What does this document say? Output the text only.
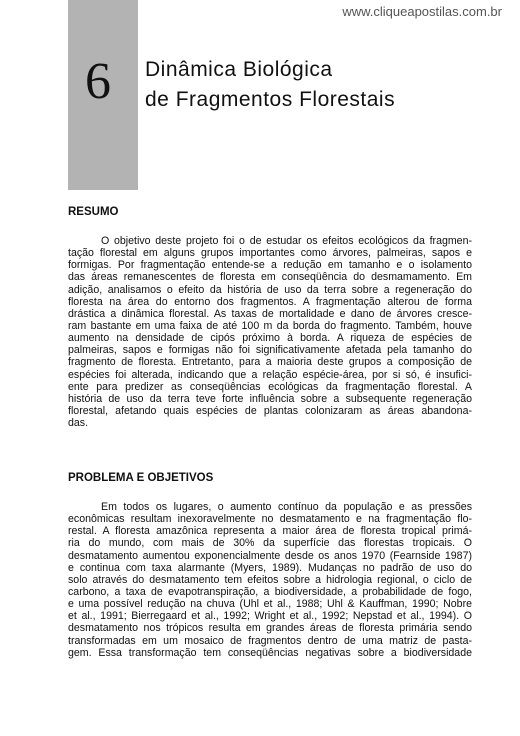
www.cliqueapostilas.com.br
6 Dinâmica Biológica
de Fragmentos Florestais
RESUMO
O objetivo deste projeto foi o de estudar os efeitos ecológicos da fragmen-
tação florestal em alguns grupos importantes como árvores, palmeiras, sapos e
formigas. Por fragmentação entende-se a redução em tamanho e o isolamento
das áreas remanescentes de floresta em conseqüência do desmamamento. Em
adição, analisamos o efeito da história de uso da terra sobre a regeneração do
floresta na área do entorno dos fragmentos. A fragmentação alterou de forma
drástica a dinâmica florestal. As taxas de mortalidade e dano de árvores cresce-
ram bastante em uma faixa de até 100 m da borda do fragmento. Também, houve
aumento na densidade de cipós próximo à borda. A riqueza de espécies de
palmeiras, sapos e formigas não foi significativamente afetada pela tamanho do
fragmento de floresta. Entretanto, para a maioria deste grupos a composição de
espécies foi alterada, indicando que a relação espécie-área, por si só, é insufici-
ente para predizer as conseqüências ecológicas da fragmentação florestal. A
história de uso da terra teve forte influência sobre a subsequente regeneração
florestal, afetando quais espécies de plantas colonizaram as áreas abandona-
das.
PROBLEMA E OBJETIVOS
Em todos os lugares, o aumento contínuo da população e as pressões
econômicas resultam inexoravelmente no desmatamento e na fragmentação flo-
restal. A floresta amazônica representa a maior área de floresta tropical primá-
ria do mundo, com mais de 30% da superfície das florestas tropicais. O
desmatamento aumentou exponencialmente desde os anos 1970 (Fearnside 1987)
e continua com taxa alarmante (Myers, 1989). Mudanças no padrão de uso do
solo através do desmatamento tem efeitos sobre a hidrologia regional, o ciclo de
carbono, a taxa de evapotranspiração, a biodiversidade, a probabilidade de fogo,
e uma possível redução na chuva (Uhl et al., 1988; Uhl & Kauffman, 1990; Nobre
et al., 1991; Bierregaard et al., 1992; Wright et al., 1992; Nepstad et al., 1994). O
desmatamento nos trópicos resulta em grandes áreas de floresta primária sendo
transformadas em um mosaico de fragmentos dentro de uma matriz de pasta-
gem. Essa transformação tem conseqüências negativas sobre a biodiversidade
